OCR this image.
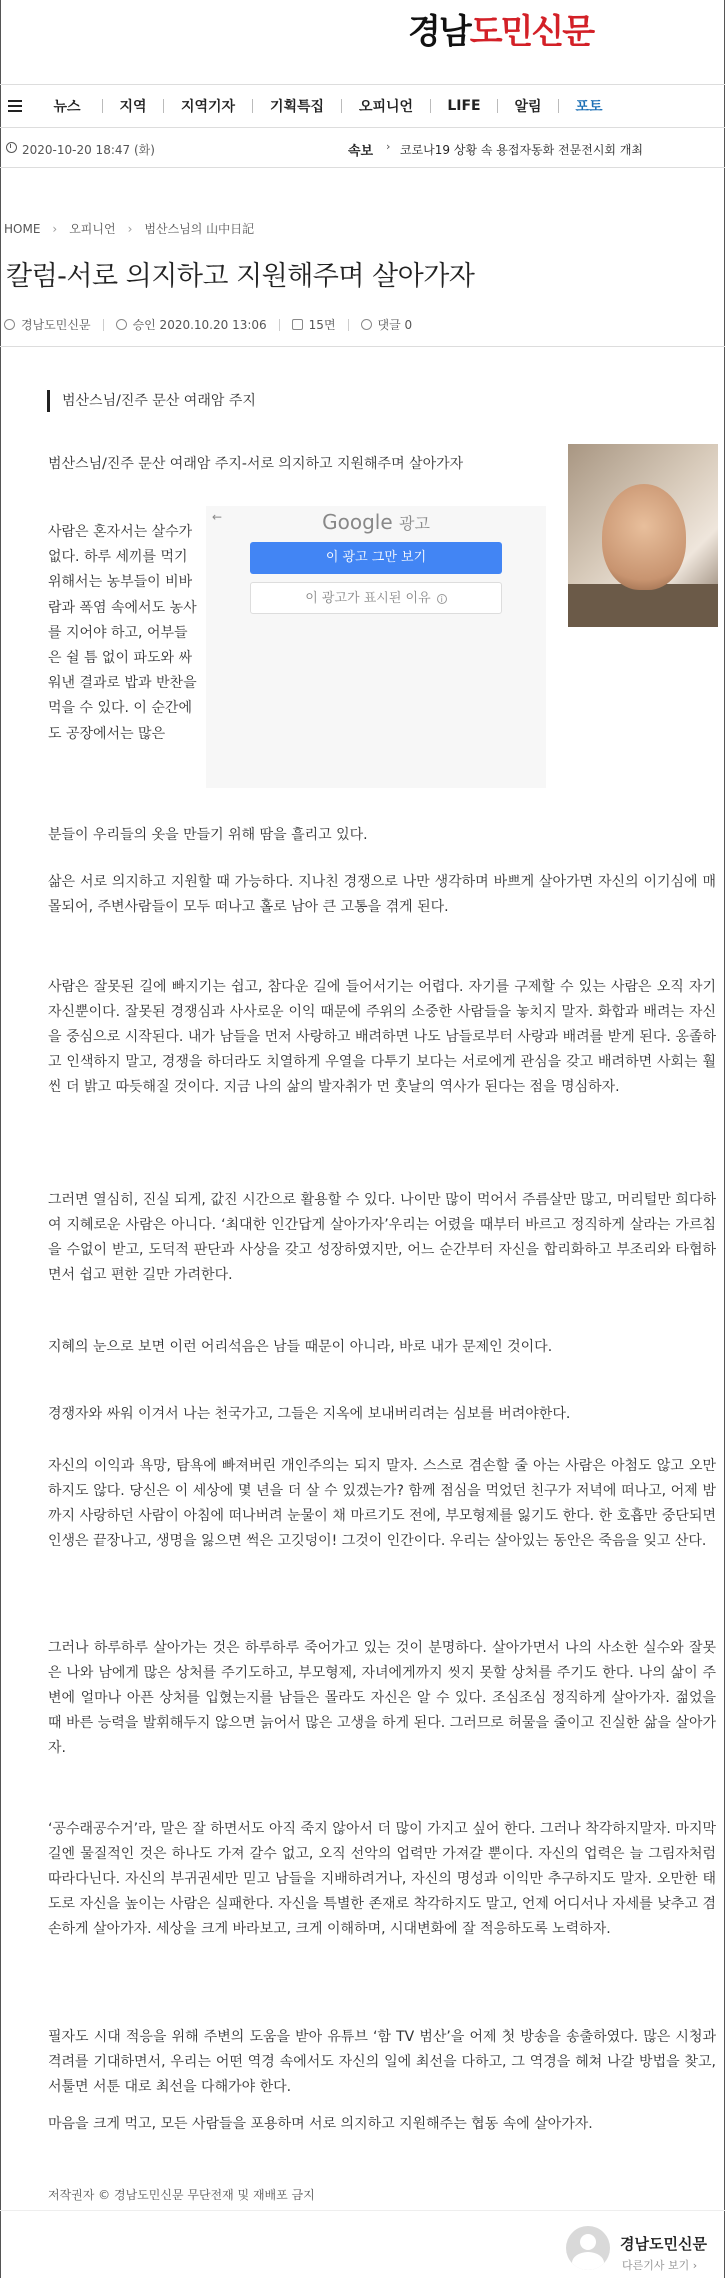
경남도민신문
뉴스	지역	지역기자	기획특집	오피니언	LIFE	알림	포토
2020-10-20 18:47 (화)	속보 › 코로나19 상황 속 용접자동화 전문전시회 개최
HOME › 오피니언 › 범산스님의 山中日記
칼럼-서로 의지하고 지원해주며 살아가자
경남도민신문	승인 2020.10.20 13:06	15면	댓글 0
범산스님/진주 문산 여래암 주지
범산스님/진주 문산 여래암 주지-서로 의지하고 지원해주며 살아가자
←	Google 광고
이 광고 그만 보기
이 광고가 표시된 이유 i
사람은 혼자서는 살수가 없다. 하루 세끼를 먹기 위해서는 농부들이 비바람과 폭염 속에서도 농사를 지어야 하고, 어부들은 쉴 틈 없이 파도와 싸워낸 결과로 밥과 반찬을 먹을 수 있다. 이 순간에도 공장에서는 많은
분들이 우리들의 옷을 만들기 위해 땀을 흘리고 있다.
삶은 서로 의지하고 지원할 때 가능하다. 지나친 경쟁으로 나만 생각하며 바쁘게 살아가면 자신의 이기심에 매몰되어, 주변사람들이 모두 떠나고 홀로 남아 큰 고통을 겪게 된다.
사람은 잘못된 길에 빠지기는 쉽고, 참다운 길에 들어서기는 어렵다. 자기를 구제할 수 있는 사람은 오직 자기 자신뿐이다. 잘못된 경쟁심과 사사로운 이익 때문에 주위의 소중한 사람들을 놓치지 말자. 화합과 배려는 자신을 중심으로 시작된다. 내가 남들을 먼저 사랑하고 배려하면 나도 남들로부터 사랑과 배려를 받게 된다. 옹졸하고 인색하지 말고, 경쟁을 하더라도 치열하게 우열을 다투기 보다는 서로에게 관심을 갖고 배려하면 사회는 훨씬 더 밝고 따듯해질 것이다. 지금 나의 삶의 발자취가 먼 훗날의 역사가 된다는 점을 명심하자.
그러면 열심히, 진실 되게, 값진 시간으로 활용할 수 있다. 나이만 많이 먹어서 주름살만 많고, 머리털만 희다하여 지혜로운 사람은 아니다. ‘최대한 인간답게 살아가자’우리는 어렸을 때부터 바르고 정직하게 살라는 가르침을 수없이 받고, 도덕적 판단과 사상을 갖고 성장하였지만, 어느 순간부터 자신을 합리화하고 부조리와 타협하면서 쉽고 편한 길만 가려한다.
지혜의 눈으로 보면 이런 어리석음은 남들 때문이 아니라, 바로 내가 문제인 것이다.
경쟁자와 싸워 이겨서 나는 천국가고, 그들은 지옥에 보내버리려는 심보를 버려야한다.
자신의 이익과 욕망, 탐욕에 빠져버린 개인주의는 되지 말자. 스스로 겸손할 줄 아는 사람은 아첨도 않고 오만하지도 않다. 당신은 이 세상에 몇 년을 더 살 수 있겠는가? 함께 점심을 먹었던 친구가 저녁에 떠나고, 어제 밤까지 사랑하던 사람이 아침에 떠나버려 눈물이 채 마르기도 전에, 부모형제를 잃기도 한다. 한 호흡만 중단되면 인생은 끝장나고, 생명을 잃으면 썩은 고깃덩이! 그것이 인간이다. 우리는 살아있는 동안은 죽음을 잊고 산다.
그러나 하루하루 살아가는 것은 하루하루 죽어가고 있는 것이 분명하다. 살아가면서 나의 사소한 실수와 잘못은 나와 남에게 많은 상처를 주기도하고, 부모형제, 자녀에게까지 씻지 못할 상처를 주기도 한다. 나의 삶이 주변에 얼마나 아픈 상처를 입혔는지를 남들은 몰라도 자신은 알 수 있다. 조심조심 정직하게 살아가자. 젊었을 때 바른 능력을 발휘해두지 않으면 늙어서 많은 고생을 하게 된다. 그러므로 허물을 줄이고 진실한 삶을 살아가자.
‘공수래공수거’라, 말은 잘 하면서도 아직 죽지 않아서 더 많이 가지고 싶어 한다. 그러나 착각하지말자. 마지막 길엔 물질적인 것은 하나도 가져 갈수 없고, 오직 선악의 업력만 가져갈 뿐이다. 자신의 업력은 늘 그림자처럼 따라다닌다. 자신의 부귀권세만 믿고 남들을 지배하려거나, 자신의 명성과 이익만 추구하지도 말자. 오만한 태도로 자신을 높이는 사람은 실패한다. 자신을 특별한 존재로 착각하지도 말고, 언제 어디서나 자세를 낮추고 겸손하게 살아가자. 세상을 크게 바라보고, 크게 이해하며, 시대변화에 잘 적응하도록 노력하자.
필자도 시대 적응을 위해 주변의 도움을 받아 유튜브 ‘함 TV 범산’을 어제 첫 방송을 송출하였다. 많은 시청과 격려를 기대하면서, 우리는 어떤 역경 속에서도 자신의 일에 최선을 다하고, 그 역경을 헤쳐 나갈 방법을 찾고, 서툴면 서툰 대로 최선을 다해가야 한다.
마음을 크게 먹고, 모든 사람들을 포용하며 서로 의지하고 지원해주는 협동 속에 살아가자.
저작권자 © 경남도민신문 무단전재 및 재배포 금지
경남도민신문
다른기사 보기 ›
